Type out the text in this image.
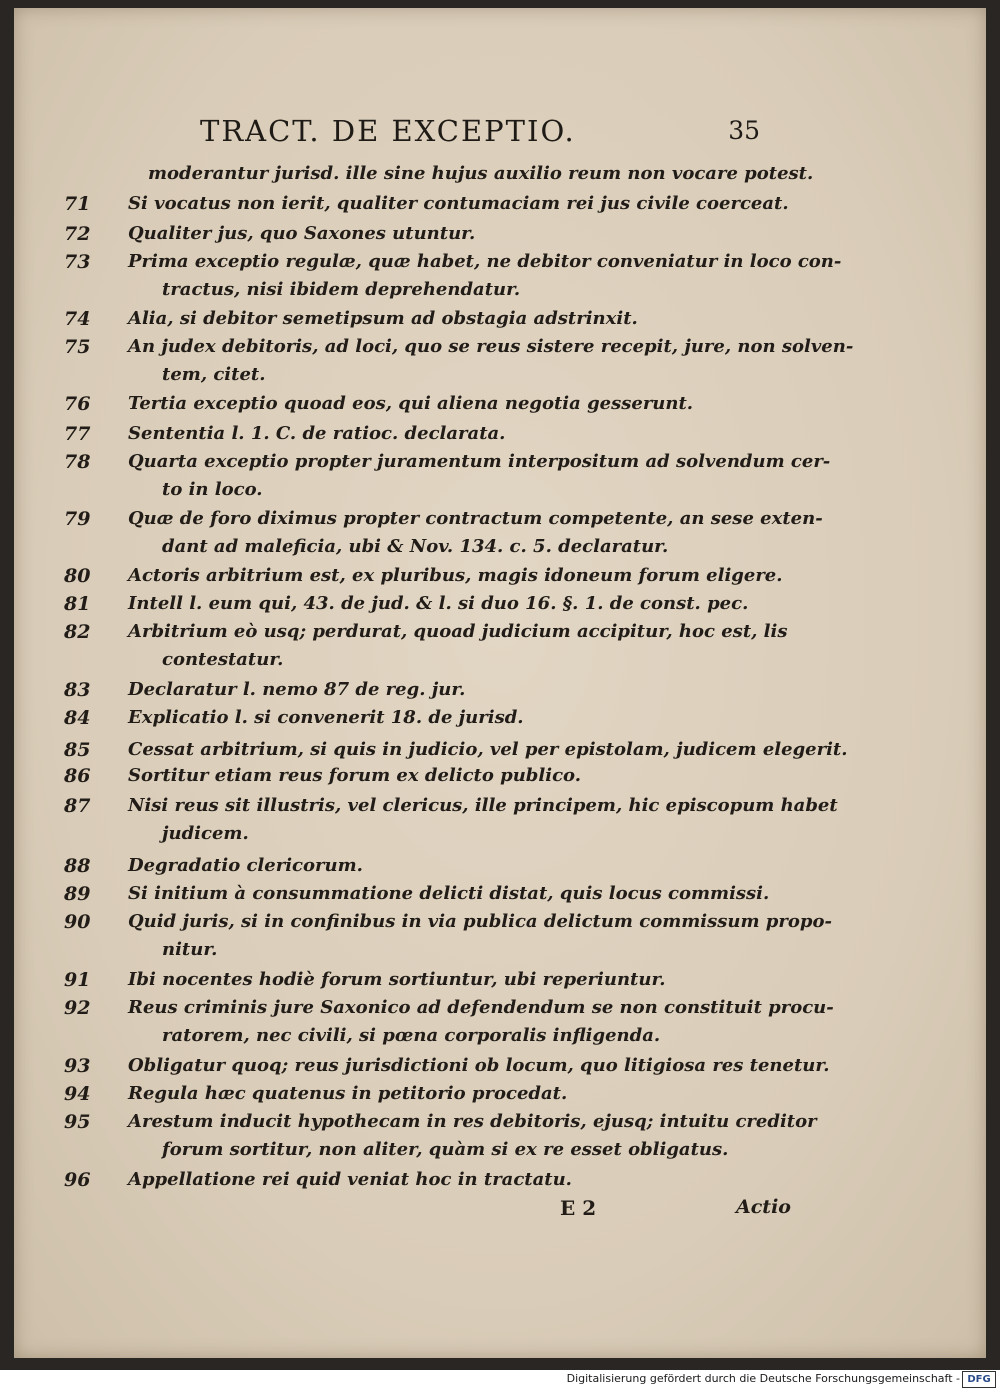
TRACT. DE EXCEPTIO.	35
moderantur jurisd. ille sine hujus auxilio reum non vocare potest.
71	Si vocatus non ierit, qualiter contumaciam rei jus civile coerceat.
72	Qualiter jus, quo Saxones utuntur.
73	Prima exceptio regulæ, quæ habet, ne debitor conveniatur in loco con-
tractus, nisi ibidem deprehendatur.
74	Alia, si debitor semetipsum ad obstagia adstrinxit.
75	An judex debitoris, ad loci, quo se reus sistere recepit, jure, non solven-
tem, citet.
76	Tertia exceptio quoad eos, qui aliena negotia gesserunt.
77	Sententia l. 1. C. de ratioc. declarata.
78	Quarta exceptio propter juramentum interpositum ad solvendum cer-
to in loco.
79	Quæ de foro diximus propter contractum competente, an sese exten-
dant ad maleficia, ubi & Nov. 134. c. 5. declaratur.
80	Actoris arbitrium est, ex pluribus, magis idoneum forum eligere.
81	Intell l. eum qui, 43. de jud. & l. si duo 16. §. 1. de const. pec.
82	Arbitrium eò usq; perdurat, quoad judicium accipitur, hoc est, lis
contestatur.
83	Declaratur l. nemo 87 de reg. jur.
84	Explicatio l. si convenerit 18. de jurisd.
85	Cessat arbitrium, si quis in judicio, vel per epistolam, judicem elegerit.
86	Sortitur etiam reus forum ex delicto publico.
87	Nisi reus sit illustris, vel clericus, ille principem, hic episcopum habet
judicem.
88	Degradatio clericorum.
89	Si initium à consummatione delicti distat, quis locus commissi.
90	Quid juris, si in confinibus in via publica delictum commissum propo-
nitur.
91	Ibi nocentes hodiè forum sortiuntur, ubi reperiuntur.
92	Reus criminis jure Saxonico ad defendendum se non constituit procu-
ratorem, nec civili, si pœna corporalis infligenda.
93	Obligatur quoq; reus jurisdictioni ob locum, quo litigiosa res tenetur.
94	Regula hæc quatenus in petitorio procedat.
95	Arestum inducit hypothecam in res debitoris, ejusq; intuitu creditor
forum sortitur, non aliter, quàm si ex re esset obligatus.
96	Appellatione rei quid veniat hoc in tractatu.
E 2	Actio
Digitalisierung gefördert durch die Deutsche Forschungsgemeinschaft - DFG
